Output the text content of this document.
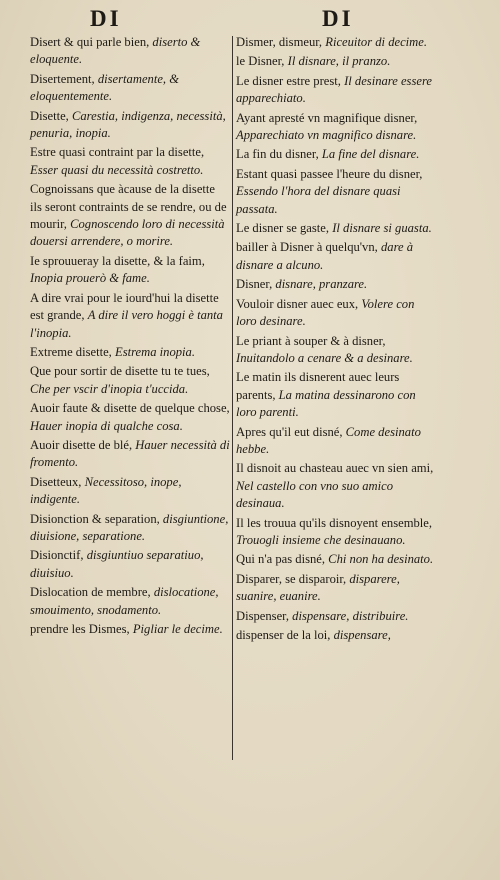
DI	DI
Disert & qui parle bien, diserto & eloquente.
Disertement, disertamente, & eloquentemente.
Disette, Carestia, indigenza, necessità, penuria, inopia.
Estre quasi contraint par la disette, Esser quasi du necessità costretto.
Cognoissans que àcause de la disette ils seront contraints de se rendre, ou de mourir, Cognoscendo loro di necessità douersi arrendere, o morire.
Ie sprouueray la disette, & la faim, Inopia prouerò & fame.
A dire vrai pour le iourd'hui la disette est grande, A dire il vero hoggi è tanta l'inopia.
Extreme disette, Estrema inopia.
Que pour sortir de disette tu te tues, Che per vscir d'inopia t'uccida.
Auoir faute & disette de quelque chose, Hauer inopia di qualche cosa.
Auoir disette de blé, Hauer necessità di fromento.
Disetteux, Necessitoso, inope, indigente.
Disionction & separation, disgiuntione, diuisione, separatione.
Disionctif, disgiuntiuo separatiuo, diuisiuo.
Dislocation de membre, dislocatione, smouimento, snodamento.
prendre les Dismes, Pigliar le decime.
Dismer, dismeur, Riceuitor di decime.
le Disner, Il disnare, il pranzo.
Le disner estre prest, Il desinare essere apparechiato.
Ayant apresté vn magnifique disner, Apparechiato vn magnifico disnare.
La fin du disner, La fine del disnare.
Estant quasi passee l'heure du disner, Essendo l'hora del disnare quasi passata.
Le disner se gaste, Il disnare si guasta.
bailler à Disner à quelqu'vn, dare à disnare a alcuno.
Disner, disnare, pranzare.
Vouloir disner auec eux, Volere con loro desinare.
Le priant à souper & à disner, Inuitandolo a cenare & a desinare.
Le matin ils disnerent auec leurs parents, La matina dessinarono con loro parenti.
Apres qu'il eut disné, Come desinato hebbe.
Il disnoit au chasteau auec vn sien ami, Nel castello con vno suo amico desinaua.
Il les trouua qu'ils disnoyent ensemble, Trouogli insieme che desinauano.
Qui n'a pas disné, Chi non ha desinato.
Disparer, se disparoir, disparere, suanire, euanire.
Dispenser, dispensare, distribuire.
dispenser de la loi, dispensare,
